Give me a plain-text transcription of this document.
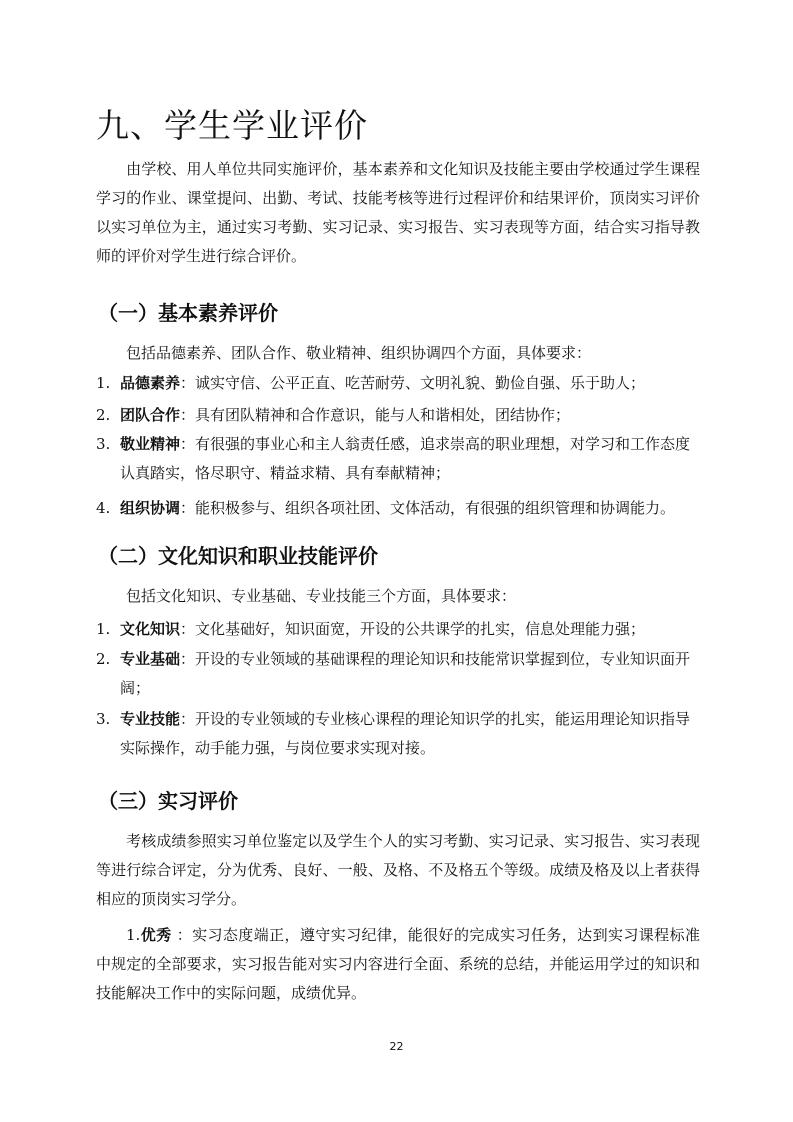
九、学生学业评价

由学校、用人单位共同实施评价，基本素养和文化知识及技能主要由学校通过学生课程学习的作业、课堂提问、出勤、考试、技能考核等进行过程评价和结果评价，顶岗实习评价以实习单位为主，通过实习考勤、实习记录、实习报告、实习表现等方面，结合实习指导教师的评价对学生进行综合评价。

（一）基本素养评价

包括品德素养、团队合作、敬业精神、组织协调四个方面，具体要求：

1. 品德素养：诚实守信、公平正直、吃苦耐劳、文明礼貌、勤俭自强、乐于助人；
2. 团队合作：具有团队精神和合作意识，能与人和谐相处，团结协作；
3. 敬业精神：有很强的事业心和主人翁责任感，追求崇高的职业理想，对学习和工作态度认真踏实，恪尽职守、精益求精、具有奉献精神；
4. 组织协调：能积极参与、组织各项社团、文体活动，有很强的组织管理和协调能力。
（二）文化知识和职业技能评价

包括文化知识、专业基础、专业技能三个方面，具体要求：

1. 文化知识：文化基础好，知识面宽，开设的公共课学的扎实，信息处理能力强；
2. 专业基础：开设的专业领域的基础课程的理论知识和技能常识掌握到位，专业知识面开阔；
3. 专业技能：开设的专业领域的专业核心课程的理论知识学的扎实，能运用理论知识指导实际操作，动手能力强，与岗位要求实现对接。
（三）实习评价

考核成绩参照实习单位鉴定以及学生个人的实习考勤、实习记录、实习报告、实习表现等进行综合评定，分为优秀、良好、一般、及格、不及格五个等级。成绩及格及以上者获得相应的顶岗实习学分。

1.优秀 ：实习态度端正，遵守实习纪律，能很好的完成实习任务，达到实习课程标准中规定的全部要求，实习报告能对实习内容进行全面、系统的总结，并能运用学过的知识和技能解决工作中的实际问题，成绩优异。

22
